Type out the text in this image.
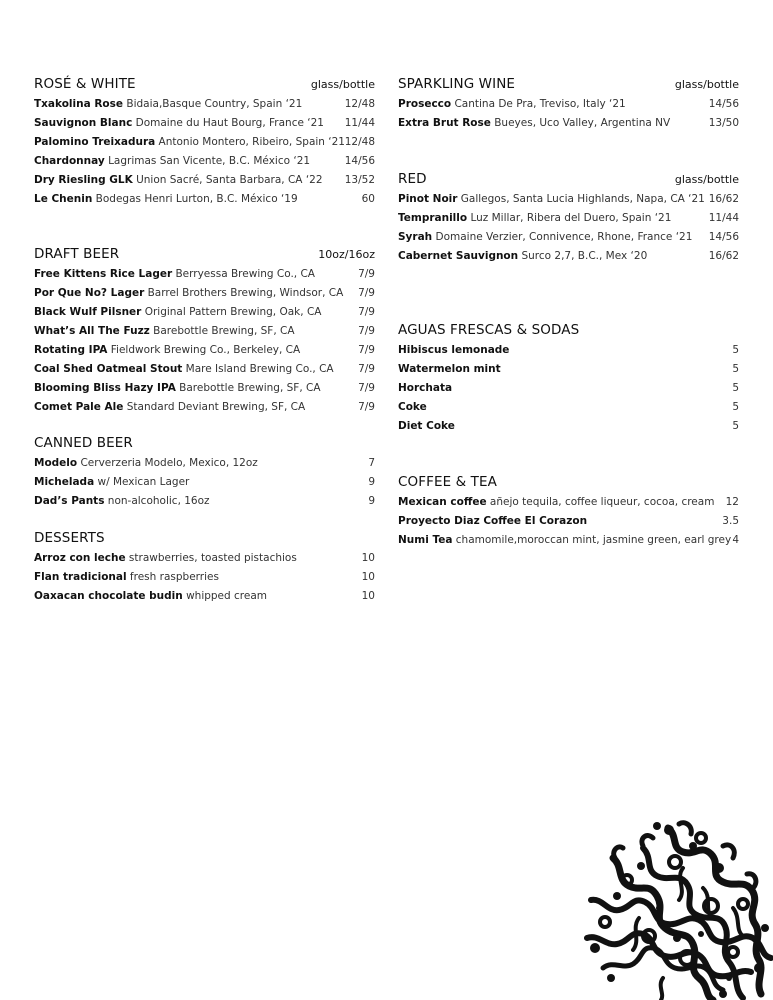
ROSÉ & WHITE	glass/bottle
Txakolina Rose Bidaia,Basque Country, Spain ‘21	12/48
Sauvignon Blanc Domaine du Haut Bourg, France ‘21 11/44
Palomino Treixadura Antonio Montero, Ribeiro, Spain ‘21 12/48
Chardonnay Lagrimas San Vicente, B.C. México ‘21	14/56
Dry Riesling GLK Union Sacré, Santa Barbara, CA ‘22 13/52
Le Chenin Bodegas Henri Lurton, B.C. México ‘19	60
DRAFT BEER	10oz/16oz
Free Kittens Rice Lager Berryessa Brewing Co., CA	7/9
Por Que No? Lager Barrel Brothers Brewing, Windsor, CA 7/9
Black Wulf Pilsner Original Pattern Brewing, Oak, CA	7/9
What’s All The Fuzz Barebottle Brewing, SF, CA	7/9
Rotating IPA Fieldwork Brewing Co., Berkeley, CA	7/9
Coal Shed Oatmeal Stout Mare Island Brewing Co., CA 7/9
Blooming Bliss Hazy IPA Barebottle Brewing, SF, CA	7/9
Comet Pale Ale Standard Deviant Brewing, SF, CA	7/9
CANNED BEER
Modelo Cerverzeria Modelo, Mexico, 12oz	7
Michelada w/ Mexican Lager	9
Dad’s Pants non-alcoholic, 16oz	9
DESSERTS
Arroz con leche strawberries, toasted pistachios	10
Flan tradicional fresh raspberries	10
Oaxacan chocolate budin whipped cream	10
SPARKLING WINE	glass/bottle
Prosecco Cantina De Pra, Treviso, Italy ‘21	14/56
Extra Brut Rose Bueyes, Uco Valley, Argentina NV	13/50
RED	glass/bottle
Pinot Noir Gallegos, Santa Lucia Highlands, Napa, CA ‘21 16/62
Tempranillo Luz Millar, Ribera del Duero, Spain ‘21	11/44
Syrah Domaine Verzier, Connivence, Rhone, France ‘21 14/56
Cabernet Sauvignon Surco 2,7, B.C., Mex ‘20	16/62
AGUAS FRESCAS & SODAS
Hibiscus lemonade	5
Watermelon mint	5
Horchata	5
Coke	5
Diet Coke	5
COFFEE & TEA
Mexican coffee añejo tequila, coffee liqueur, cocoa, cream 12
Proyecto Diaz Coffee El Corazon	3.5
Numi Tea chamomile,moroccan mint, jasmine green, earl grey 4
